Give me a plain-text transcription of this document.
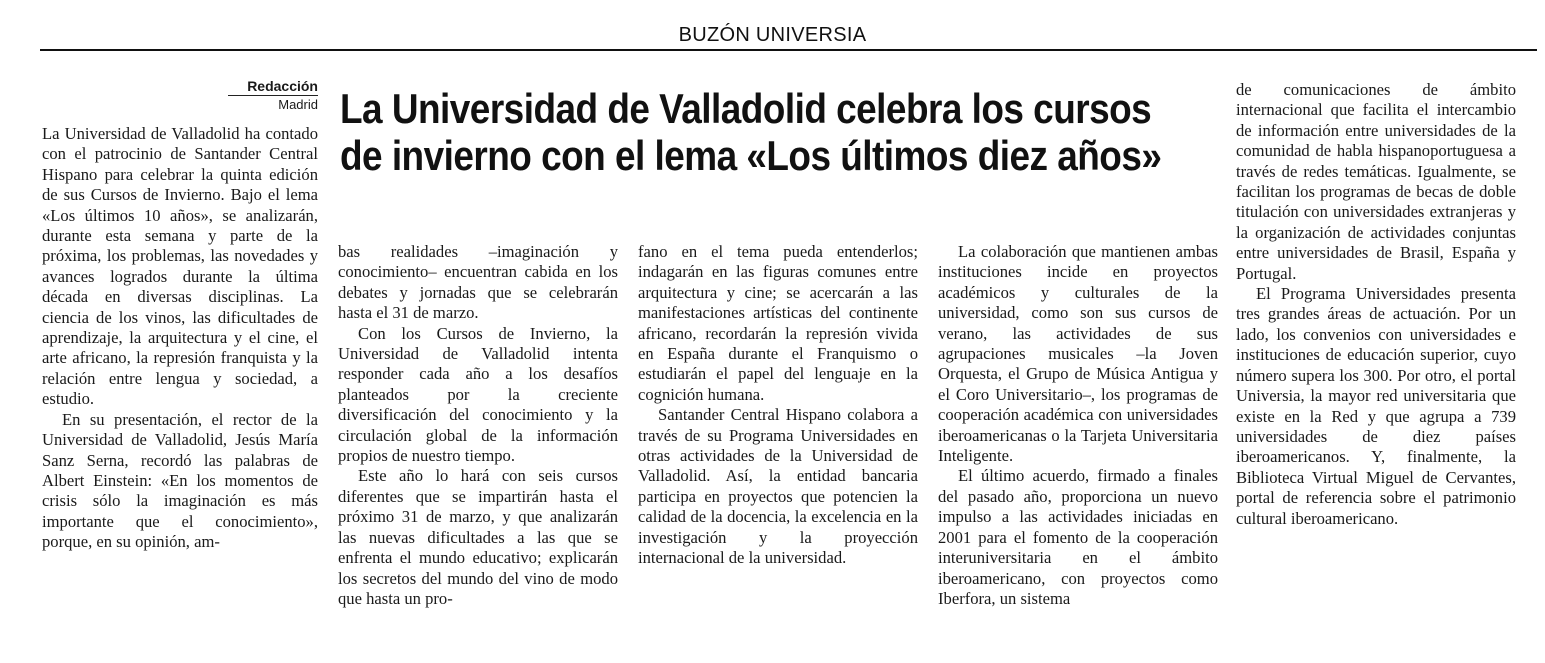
BUZÓN UNIVERSIA
Redacción
Madrid La Universidad de Valladolid celebra los cursos
de invierno con el lema «Los últimos diez años»

La Universidad de Valladolid ha contado con el patrocinio de Santander Central Hispano para celebrar la quinta edición de sus Cursos de Invierno. Bajo el lema «Los últimos 10 años», se analizarán, durante esta semana y parte de la próxima, los problemas, las novedades y avances logrados durante la última década en diversas disciplinas. La ciencia de los vinos, las dificultades de aprendizaje, la arquitectura y el cine, el arte africano, la represión franquista y la relación entre lengua y sociedad, a estudio.

En su presentación, el rector de la Universidad de Valladolid, Jesús María Sanz Serna, recordó las palabras de Albert Einstein: «En los momentos de crisis sólo la imaginación es más importante que el conocimiento», porque, en su opinión, am-

bas realidades –imaginación y conocimiento– encuentran cabida en los debates y jornadas que se celebrarán hasta el 31 de marzo.

Con los Cursos de Invierno, la Universidad de Valladolid intenta responder cada año a los desafíos planteados por la creciente diversificación del conocimiento y la circulación global de la información propios de nuestro tiempo.

Este año lo hará con seis cursos diferentes que se impartirán hasta el próximo 31 de marzo, y que analizarán las nuevas dificultades a las que se enfrenta el mundo educativo; explicarán los secretos del mundo del vino de modo que hasta un pro-

fano en el tema pueda entenderlos; indagarán en las figuras comunes entre arquitectura y cine; se acercarán a las manifestaciones artísticas del continente africano, recordarán la represión vivida en España durante el Franquismo o estudiarán el papel del lenguaje en la cognición humana.

Santander Central Hispano colabora a través de su Programa Universidades en otras actividades de la Universidad de Valladolid. Así, la entidad bancaria participa en proyectos que potencien la calidad de la docencia, la excelencia en la investigación y la proyección internacional de la universidad.

La colaboración que mantienen ambas instituciones incide en proyectos académicos y culturales de la universidad, como son sus cursos de verano, las actividades de sus agrupaciones musicales –la Joven Orquesta, el Grupo de Música Antigua y el Coro Universitario–, los programas de cooperación académica con universidades iberoamericanas o la Tarjeta Universitaria Inteligente.

El último acuerdo, firmado a finales del pasado año, proporciona un nuevo impulso a las actividades iniciadas en 2001 para el fomento de la cooperación interuniversitaria en el ámbito iberoamericano, con proyectos como Iberfora, un sistema

de comunicaciones de ámbito internacional que facilita el intercambio de información entre universidades de la comunidad de habla hispanoportuguesa a través de redes temáticas. Igualmente, se facilitan los programas de becas de doble titulación con universidades extranjeras y la organización de actividades conjuntas entre universidades de Brasil, España y Portugal.

El Programa Universidades presenta tres grandes áreas de actuación. Por un lado, los convenios con universidades e instituciones de educación superior, cuyo número supera los 300. Por otro, el portal Universia, la mayor red universitaria que existe en la Red y que agrupa a 739 universidades de diez países iberoamericanos. Y, finalmente, la Biblioteca Virtual Miguel de Cervantes, portal de referencia sobre el patrimonio cultural iberoamericano.
